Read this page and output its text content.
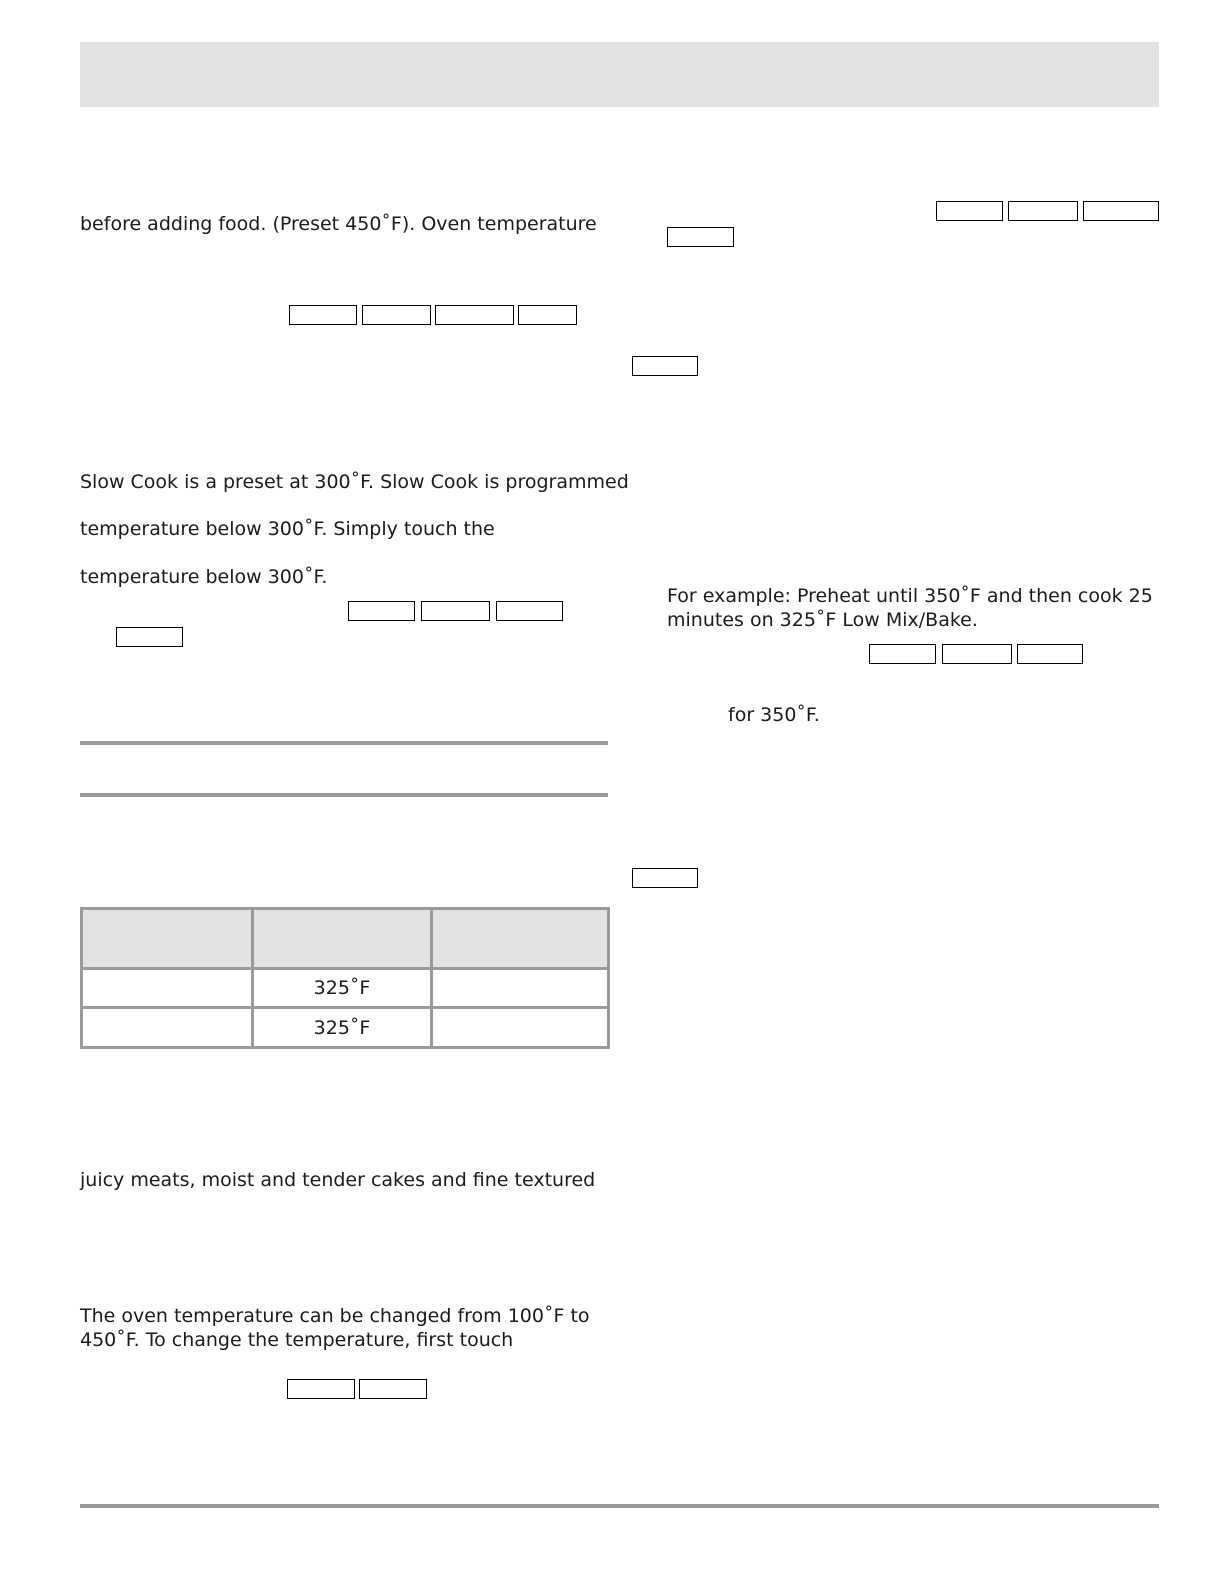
before adding food. (Preset 450˚F). Oven temperature
Slow Cook is a preset at 300˚F. Slow Cook is programmed
temperature below 300˚F. Simply touch the
temperature below 300˚F.

	325˚F	
	325˚F	
juicy meats, moist and tender cakes and fine textured
The oven temperature can be changed from 100˚F to
450˚F. To change the temperature, first touch
For example: Preheat until 350˚F and then cook 25
minutes on 325˚F Low Mix/Bake.
for 350˚F.
